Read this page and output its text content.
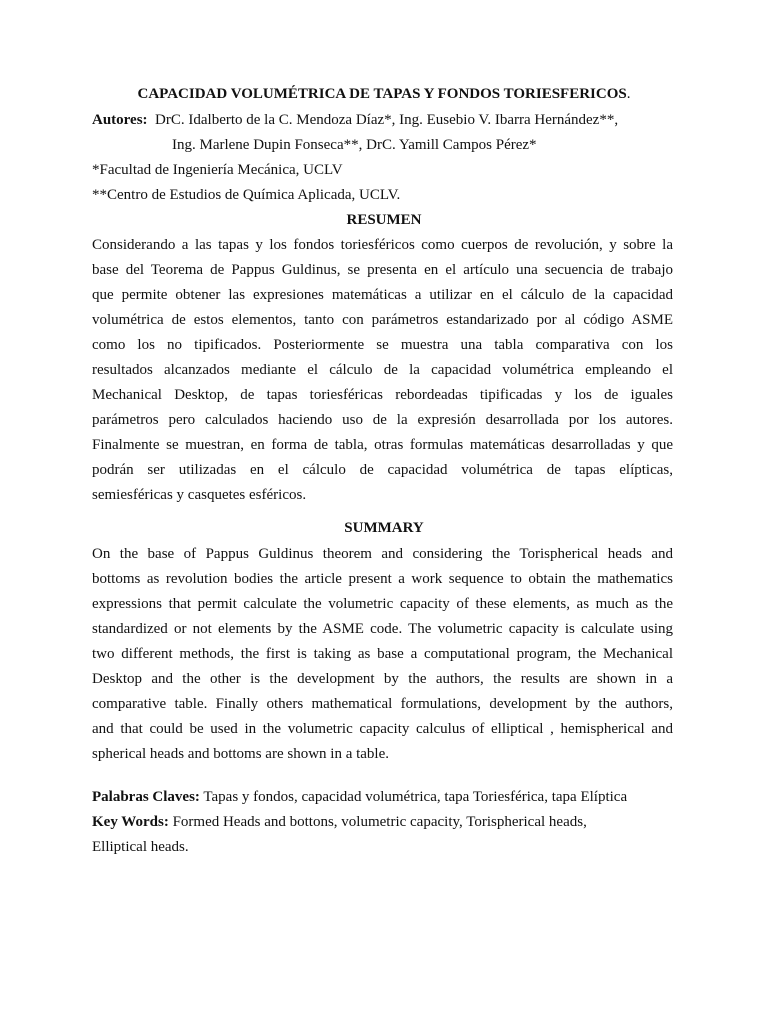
CAPACIDAD VOLUMÉTRICA DE TAPAS Y FONDOS TORIESFERICOS.
Autores: DrC. Idalberto de la C. Mendoza Díaz*, Ing. Eusebio V. Ibarra Hernández**,
Ing. Marlene Dupin Fonseca**, DrC. Yamill Campos Pérez*
*Facultad de Ingeniería Mecánica, UCLV
**Centro de Estudios de Química Aplicada, UCLV.
RESUMEN
Considerando a las tapas y los fondos toriesféricos como cuerpos de revolución, y sobre la
base del Teorema de Pappus Guldinus, se presenta en el artículo una secuencia de trabajo
que permite obtener las expresiones matemáticas a utilizar en el cálculo de la capacidad
volumétrica de estos elementos, tanto con parámetros estandarizado por al código ASME
como los no tipificados. Posteriormente se muestra una tabla comparativa con los
resultados alcanzados mediante el cálculo de la capacidad volumétrica empleando el
Mechanical Desktop, de tapas toriesféricas rebordeadas tipificadas y los de iguales
parámetros pero calculados haciendo uso de la expresión desarrollada por los autores.
Finalmente se muestran, en forma de tabla, otras formulas matemáticas desarrolladas y que
podrán ser utilizadas en el cálculo de capacidad volumétrica de tapas elípticas,
semiesféricas y casquetes esféricos.
SUMMARY
On the base of Pappus Guldinus theorem and considering the Torispherical heads and
bottoms as revolution bodies the article present a work sequence to obtain the mathematics
expressions that permit calculate the volumetric capacity of these elements, as much as the
standardized or not elements by the ASME code. The volumetric capacity is calculate using
two different methods, the first is taking as base a computational program, the Mechanical
Desktop and the other is the development by the authors, the results are shown in a
comparative table. Finally others mathematical formulations, development by the authors,
and that could be used in the volumetric capacity calculus of elliptical , hemispherical and
spherical heads and bottoms are shown in a table.
Palabras Claves: Tapas y fondos, capacidad volumétrica, tapa Toriesférica, tapa Elíptica
Key Words: Formed Heads and bottons, volumetric capacity, Torispherical heads,
Elliptical heads.
